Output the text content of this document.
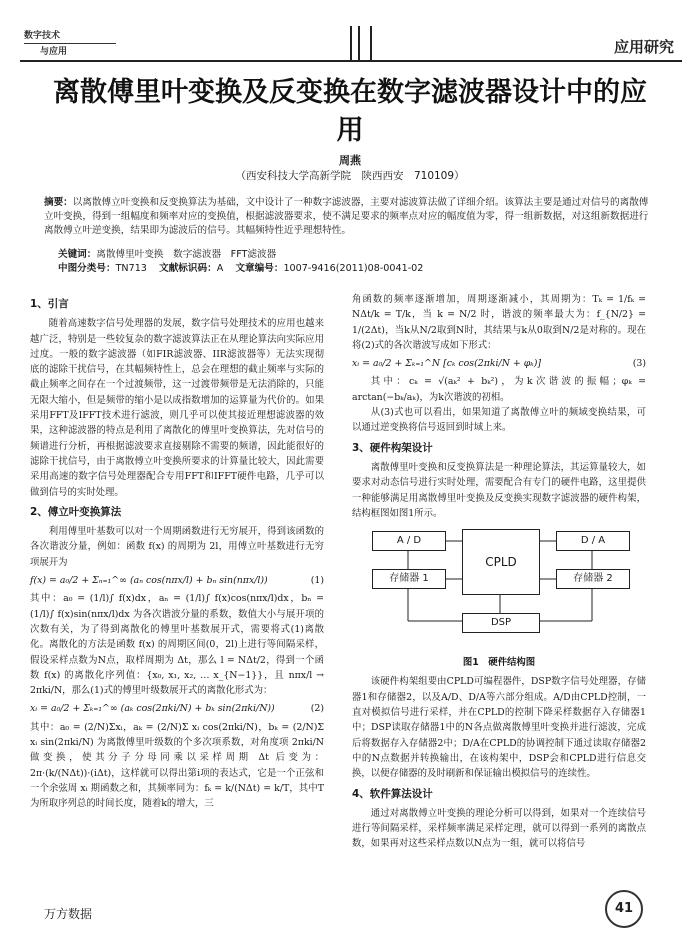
数字技术
与应用	应用研究
离散傅里叶变换及反变换在数字滤波器设计中的应用
周燕
（西安科技大学高新学院　陕西西安　710109）
摘要：以离散傅立叶变换和反变换算法为基础，文中设计了一种数字滤波器，主要对滤波算法做了详细介绍。该算法主要是通过对信号的离散傅立叶变换，得到一组幅度和频率对应的变换值，根据滤波器要求，使不满足要求的频率点对应的幅度值为零，得一组新数据，对这组新数据进行离散傅立叶逆变换，结果即为滤波后的信号。其幅频特性近乎理想特性。
关键词：离散傅里叶变换　数字滤波器　FFT滤波器
中图分类号：TN713 文献标识码：A 文章编号：1007-9416(2011)08-0041-02
1、引言

随着高速数字信号处理器的发展，数字信号处理技术的应用也越来越广泛，特别是一些较复杂的数字滤波算法正在从理论算法向实际应用过度。一般的数字滤波器（如FIR滤波器、IIR滤波器等）无法实现彻底的滤除干扰信号，在其幅频特性上，总会在理想的截止频率与实际的截止频率之间存在一个过渡频带，这一过渡带频带是无法消除的，只能无限大缩小，但是频带的缩小是以成指数增加的运算量为代价的。如果采用FFT及IFFT技术进行滤波，则几乎可以使其接近理想滤波器的效果，这种滤波器的特点是利用了离散化的傅里叶变换算法，先对信号的频谱进行分析，再根据滤波要求直接剔除不需要的频谱，因此能很好的滤除干扰信号，由于离散傅立叶变换所要求的计算量比较大，因此需要采用高速的数字信号处理器配合专用FFT和IFFT硬件电路，几乎可以做到信号的实时处理。

2、傅立叶变换算法

利用傅里叶基数可以对一个周期函数进行无穷展开，得到该函数的各次谐波分量，例如：函数 f(x) 的周期为 2l，用傅立叶基数进行无穷项展开为

f(x) = a₀/2 + Σₙ₌₁^∞ (aₙ cos(nπx/l) + bₙ sin(nπx/l))	(1)

其中：a₀ = (1/l)∫ f(x)dx，aₙ = (1/l)∫ f(x)cos(nπx/l)dx，bₙ = (1/l)∫ f(x)sin(nπx/l)dx 为各次谐波分量的系数，数值大小与展开项的次数有关，为了得到离散化的傅里叶基数展开式，需要将式(1)离散化。离散化的方法是函数 f(x) 的周期区间(0，2l)上进行等间隔采样，假设采样点数为N点，取样周期为 Δt，那么 l = NΔt/2，得到一个函数 f(x) 的离散化序列值：{x₀, x₁, x₂, … x_{N−1}}，且 nπx/l → 2πki/N，那么(1)式的傅里叶级数展开式的离散化形式为：

xᵢ = a₀/2 + Σₖ₌₁^∞ (aₖ cos(2πki/N) + bₖ sin(2πki/N))	(2)

其中：a₀ = (2/N)Σxᵢ，aₖ = (2/N)Σ xᵢ cos(2πki/N)，bₖ = (2/N)Σ xᵢ sin(2πki/N) 为离散傅里叶级数的个多次项系数，对角度项 2πki/N 做变换，使其分子分母同乘以采样周期 Δt 后变为：2π·(k/(NΔt))·(iΔt)，这样就可以得出第i项的表达式，它是一个正弦和一个余弦周 xᵢ 期函数之和，其频率同为：fₖ = k/(NΔt) = k/T，其中T为所取序列总的时间长度，随着k的增大，三

角函数的频率逐渐增加，周期逐渐减小，其周期为：Tₖ = 1/fₖ = NΔt/k = T/k，当 k = N/2 时，谐波的频率最大为：f_{N/2} = 1/(2Δt)，当k从N/2取到N时，其结果与k从0取到N/2是对称的。现在将(2)式的各次谐波写成如下形式：

xᵢ = a₀/2 + Σₖ₌₁^N [cₖ cos(2πki/N + φₖ)]	(3)

其中：cₖ = √(aₖ² + bₖ²)，为k次谐波的振幅；φₖ = arctan(−bₖ/aₖ)，为k次谐波的初相。

从(3)式也可以看出，如果知道了离散傅立叶的频域变换结果，可以通过逆变换将信号返回到时域上来。

3、硬件构架设计

离散傅里叶变换和反变换算法是一种理论算法，其运算量较大，如要求对动态信号进行实时处理，需要配合有专门的硬件电路，这里提供一种能够满足用离散傅里叶变换及反变换实现数字滤波器的硬件构架，结构框图如图1所示。

A / D	D / A
CPLD
存储器 1	存储器 2
DSP
图1　硬件结构图

该硬件构架组要由CPLD可编程器件，DSP数字信号处理器，存储器1和存储器2，以及A/D、D/A等六部分组成。A/D由CPLD控制，一直对模拟信号进行采样，并在CPLD的控制下降采样数据存入存储器1中；DSP读取存储器1中的N各点做离散傅里叶变换并进行滤波，完成后将数据存入存储器2中；D/A在CPLD的协调控制下通过读取存储器2中的N点数据并转换输出，在该构架中，DSP会和CPLD进行信息交换，以便存储器的及时刷新和保证输出模拟信号的连续性。

4、软件算法设计

通过对离散傅立叶变换的理论分析可以得到，如果对一个连续信号进行等间隔采样，采样频率满足采样定理，就可以得到一系列的离散点数，如果再对这些采样点数以N点为一组，就可以将信号

万方数据	41
